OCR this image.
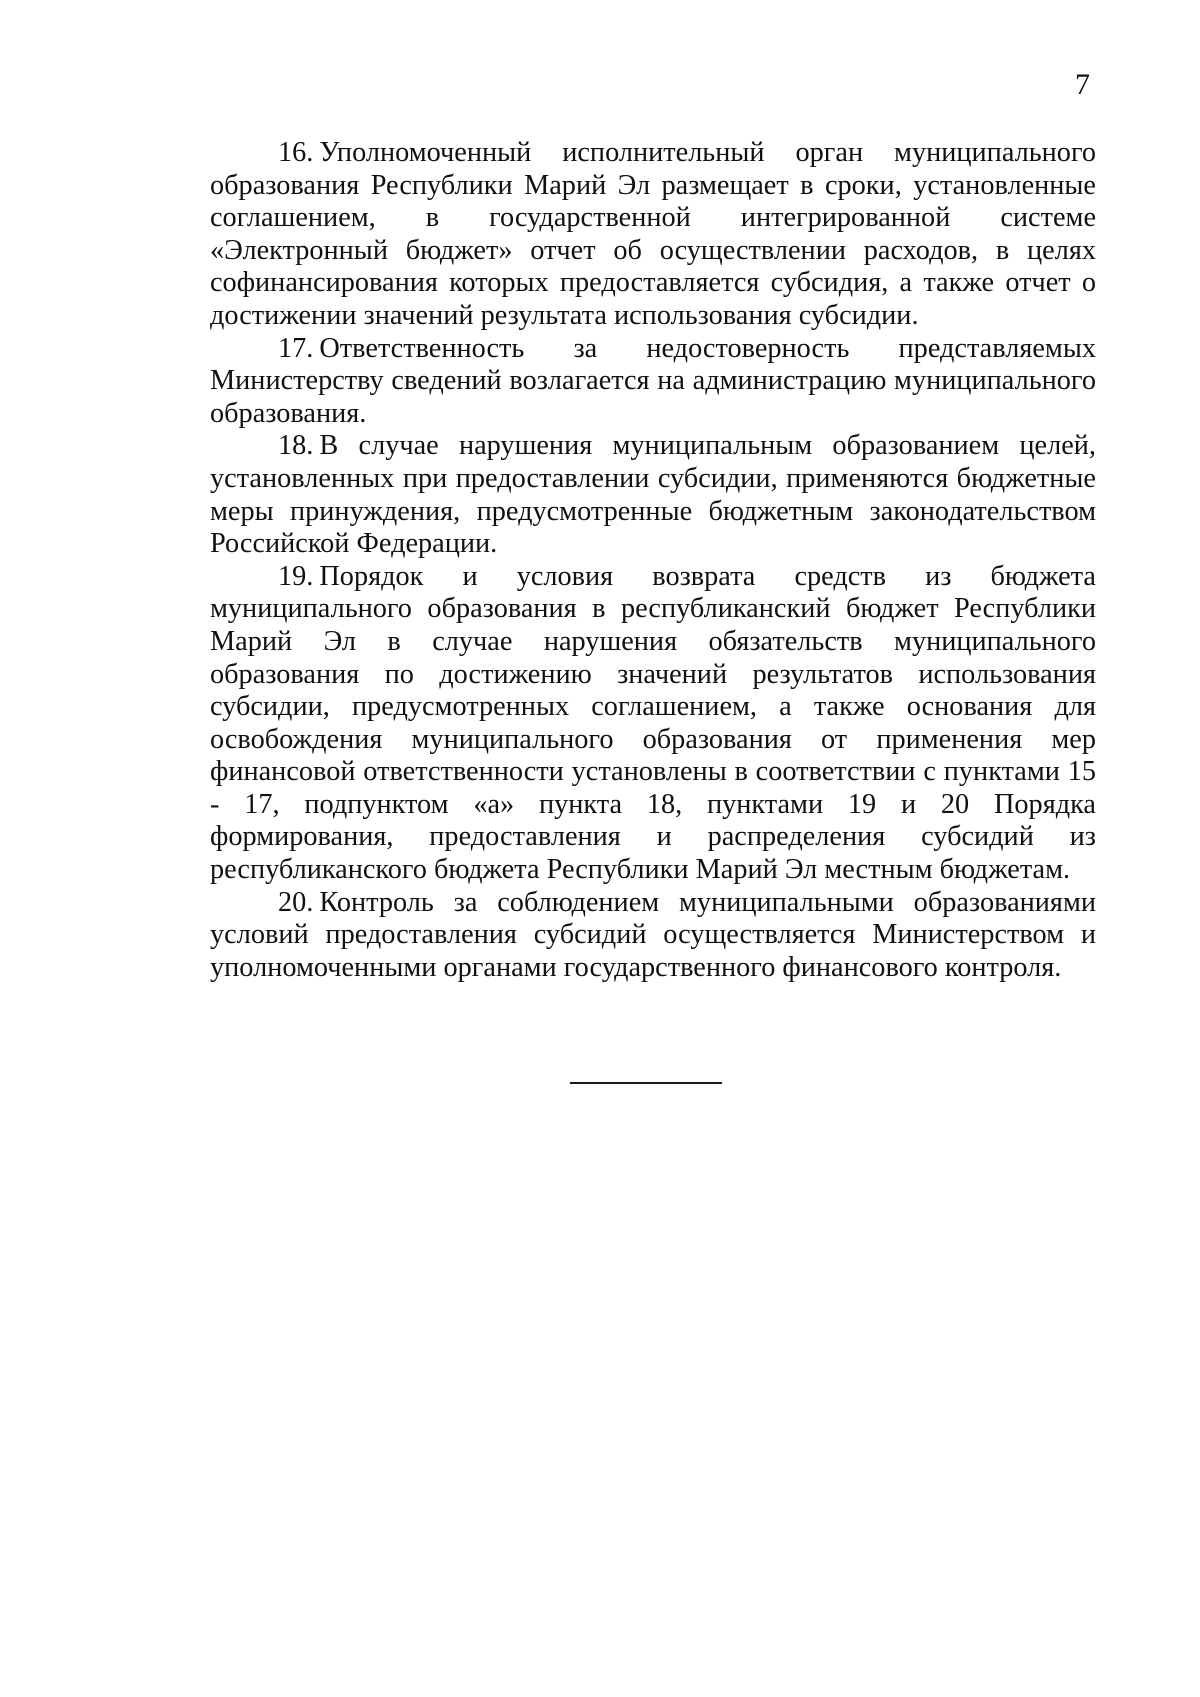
7

16. Уполномоченный исполнительный орган муниципального образования Республики Марий Эл размещает в сроки, установленные соглашением, в государственной интегрированной системе «Электронный бюджет» отчет об осуществлении расходов, в целях софинансирования которых предоставляется субсидия, а также отчет о достижении значений результата использования субсидии.

17. Ответственность за недостоверность представляемых Министерству сведений возлагается на администрацию муниципального образования.

18. В случае нарушения муниципальным образованием целей, установленных при предоставлении субсидии, применяются бюджетные меры принуждения, предусмотренные бюджетным законодательством Российской Федерации.

19. Порядок и условия возврата средств из бюджета муниципального образования в республиканский бюджет Республики Марий Эл в случае нарушения обязательств муниципального образования по достижению значений результатов использования субсидии, предусмотренных соглашением, а также основания для освобождения муниципального образования от применения мер финансовой ответственности установлены в соответствии с пунктами 15 - 17, подпунктом «а» пункта 18, пунктами 19 и 20 Порядка формирования, предоставления и распределения субсидий из республиканского бюджета Республики Марий Эл местным бюджетам.

20. Контроль за соблюдением муниципальными образованиями условий предоставления субсидий осуществляется Министерством и уполномоченными органами государственного финансового контроля.
